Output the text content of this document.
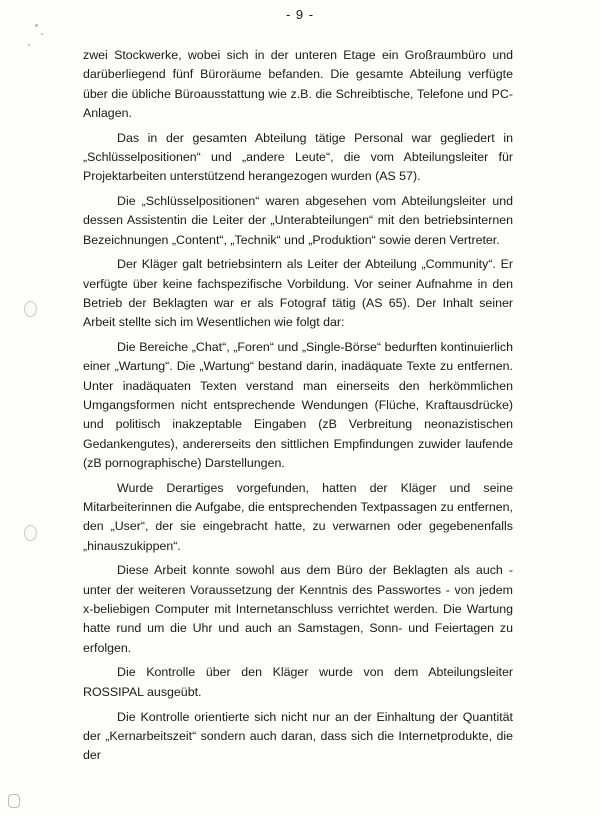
- 9 -

zwei Stockwerke, wobei sich in der unteren Etage ein Großraumbüro und darüberliegend fünf Büroräume befanden. Die gesamte Abteilung verfügte über die übliche Büroausstattung wie z.B. die Schreibtische, Telefone und PC-Anlagen.

Das in der gesamten Abteilung tätige Personal war gegliedert in „Schlüsselpositionen“ und „andere Leute“, die vom Abteilungsleiter für Projektarbeiten unterstützend herangezogen wurden (AS 57).

Die „Schlüsselpositionen“ waren abgesehen vom Abteilungsleiter und dessen Assistentin die Leiter der „Unterabteilungen“ mit den betriebsinternen Bezeichnungen „Content“, „Technik“ und „Produktion“ sowie deren Vertreter.

Der Kläger galt betriebsintern als Leiter der Abteilung „Community“. Er verfügte über keine fachspezifische Vorbildung. Vor seiner Aufnahme in den Betrieb der Beklagten war er als Fotograf tätig (AS 65). Der Inhalt seiner Arbeit stellte sich im Wesentlichen wie folgt dar:

Die Bereiche „Chat“, „Foren“ und „Single-Börse“ bedurften kontinuierlich einer „Wartung“. Die „Wartung“ bestand darin, inadäquate Texte zu entfernen. Unter inadäquaten Texten verstand man einerseits den herkömmlichen Umgangsformen nicht entsprechende Wendungen (Flüche, Kraftausdrücke) und politisch inakzeptable Eingaben (zB Verbreitung neonazistischen Gedankengutes), andererseits den sittlichen Empfindungen zuwider laufende (zB pornographische) Darstellungen.

Wurde Derartiges vorgefunden, hatten der Kläger und seine Mitarbeiterinnen die Aufgabe, die entsprechenden Textpassagen zu entfernen, den „User“, der sie eingebracht hatte, zu verwarnen oder gegebenenfalls „hinauszukippen“.

Diese Arbeit konnte sowohl aus dem Büro der Beklagten als auch - unter der weiteren Voraussetzung der Kenntnis des Passwortes - von jedem x-beliebigen Computer mit Internetanschluss verrichtet werden. Die Wartung hatte rund um die Uhr und auch an Samstagen, Sonn- und Feiertagen zu erfolgen.

Die Kontrolle über den Kläger wurde von dem Abteilungsleiter ROSSIPAL ausgeübt.

Die Kontrolle orientierte sich nicht nur an der Einhaltung der Quantität der „Kernarbeitszeit“ sondern auch daran, dass sich die Internetprodukte, die der
